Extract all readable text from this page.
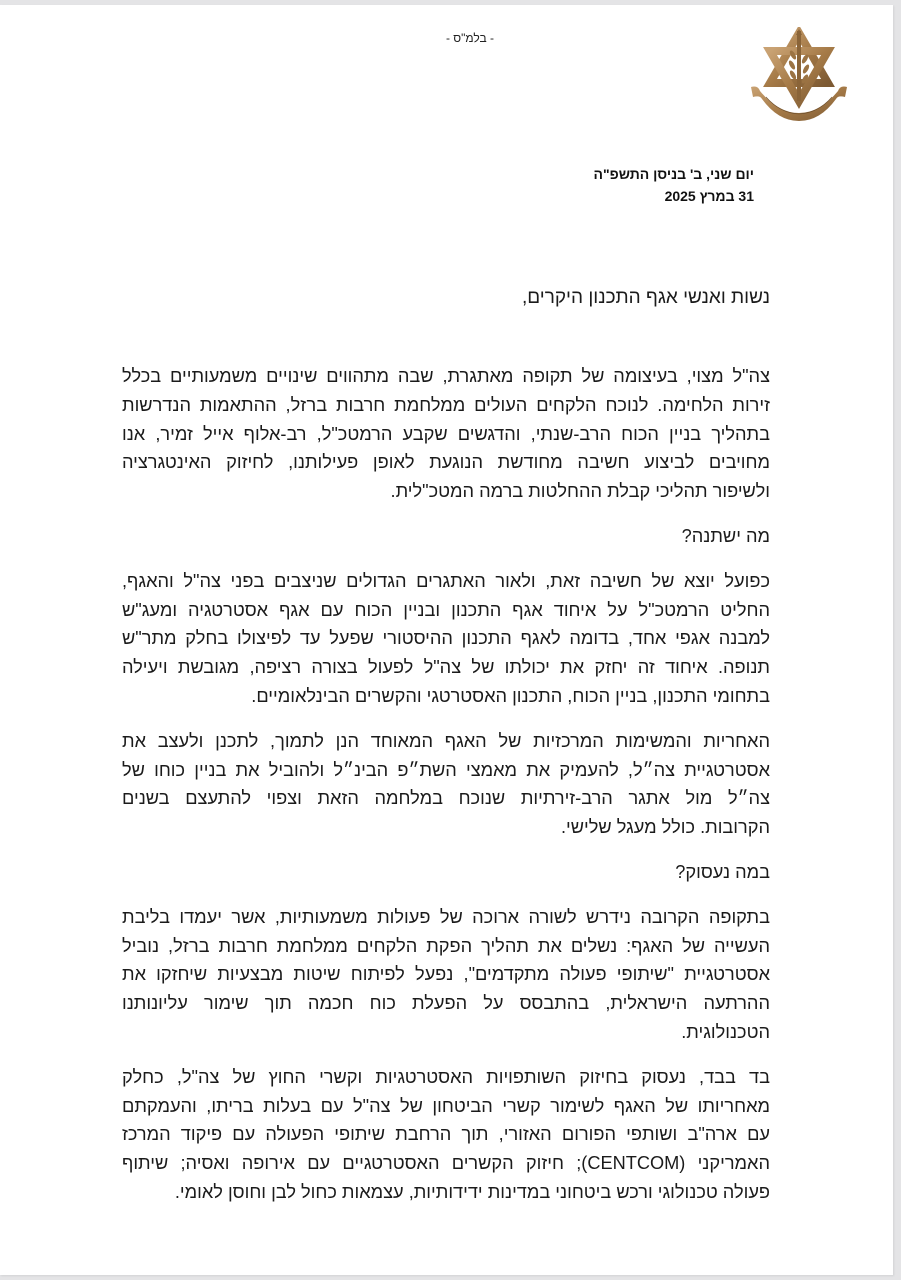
- בלמ"ס -
יום שני, ב' בניסן התשפ"ה
31 במרץ 2025
נשות ואנשי אגף התכנון היקרים,

צה"ל מצוי, בעיצומה של תקופה מאתגרת, שבה מתהווים שינויים משמעותיים בכלל
זירות הלחימה. לנוכח הלקחים העולים ממלחמת חרבות ברזל, ההתאמות הנדרשות
בתהליך בניין הכוח הרב-שנתי, והדגשים שקבע הרמטכ"ל, רב-אלוף אייל זמיר, אנו
מחויבים לביצוע חשיבה מחודשת הנוגעת לאופן פעילותנו, לחיזוק האינטגרציה
ולשיפור תהליכי קבלת ההחלטות ברמה המטכ"לית.

מה ישתנה?

כפועל יוצא של חשיבה זאת, ולאור האתגרים הגדולים שניצבים בפני צה"ל והאגף,
החליט הרמטכ"ל על איחוד אגף התכנון ובניין הכוח עם אגף אסטרטגיה ומעג"ש
למבנה אגפי אחד, בדומה לאגף התכנון ההיסטורי שפעל עד לפיצולו בחלק מתר"ש
תנופה. איחוד זה יחזק את יכולתו של צה"ל לפעול בצורה רציפה, מגובשת ויעילה
בתחומי התכנון, בניין הכוח, התכנון האסטרטגי והקשרים הבינלאומיים.

האחריות והמשימות המרכזיות של האגף המאוחד הנן לתמוך, לתכנן ולעצב את
אסטרטגיית צה״ל, להעמיק את מאמצי השת״פ הבינ״ל ולהוביל את בניין כוחו של
צה״ל מול אתגר הרב-זירתיות שנוכח במלחמה הזאת וצפוי להתעצם בשנים
הקרובות. כולל מעגל שלישי.

במה נעסוק?

בתקופה הקרובה נידרש לשורה ארוכה של פעולות משמעותיות, אשר יעמדו בליבת
העשייה של האגף: נשלים את תהליך הפקת הלקחים ממלחמת חרבות ברזל, נוביל
אסטרטגיית "שיתופי פעולה מתקדמים", נפעל לפיתוח שיטות מבצעיות שיחזקו את
ההרתעה הישראלית, בהתבסס על הפעלת כוח חכמה תוך שימור עליונותנו
הטכנולוגית.

בד בבד, נעסוק בחיזוק השותפויות האסטרטגיות וקשרי החוץ של צה"ל, כחלק
מאחריותו של האגף לשימור קשרי הביטחון של צה"ל עם בעלות בריתו, והעמקתם
עם ארה"ב ושותפי הפורום האזורי, תוך הרחבת שיתופי הפעולה עם פיקוד המרכז
האמריקני (CENTCOM); חיזוק הקשרים האסטרטגיים עם אירופה ואסיה; שיתוף
פעולה טכנולוגי ורכש ביטחוני במדינות ידידותיות, עצמאות כחול לבן וחוסן לאומי.
